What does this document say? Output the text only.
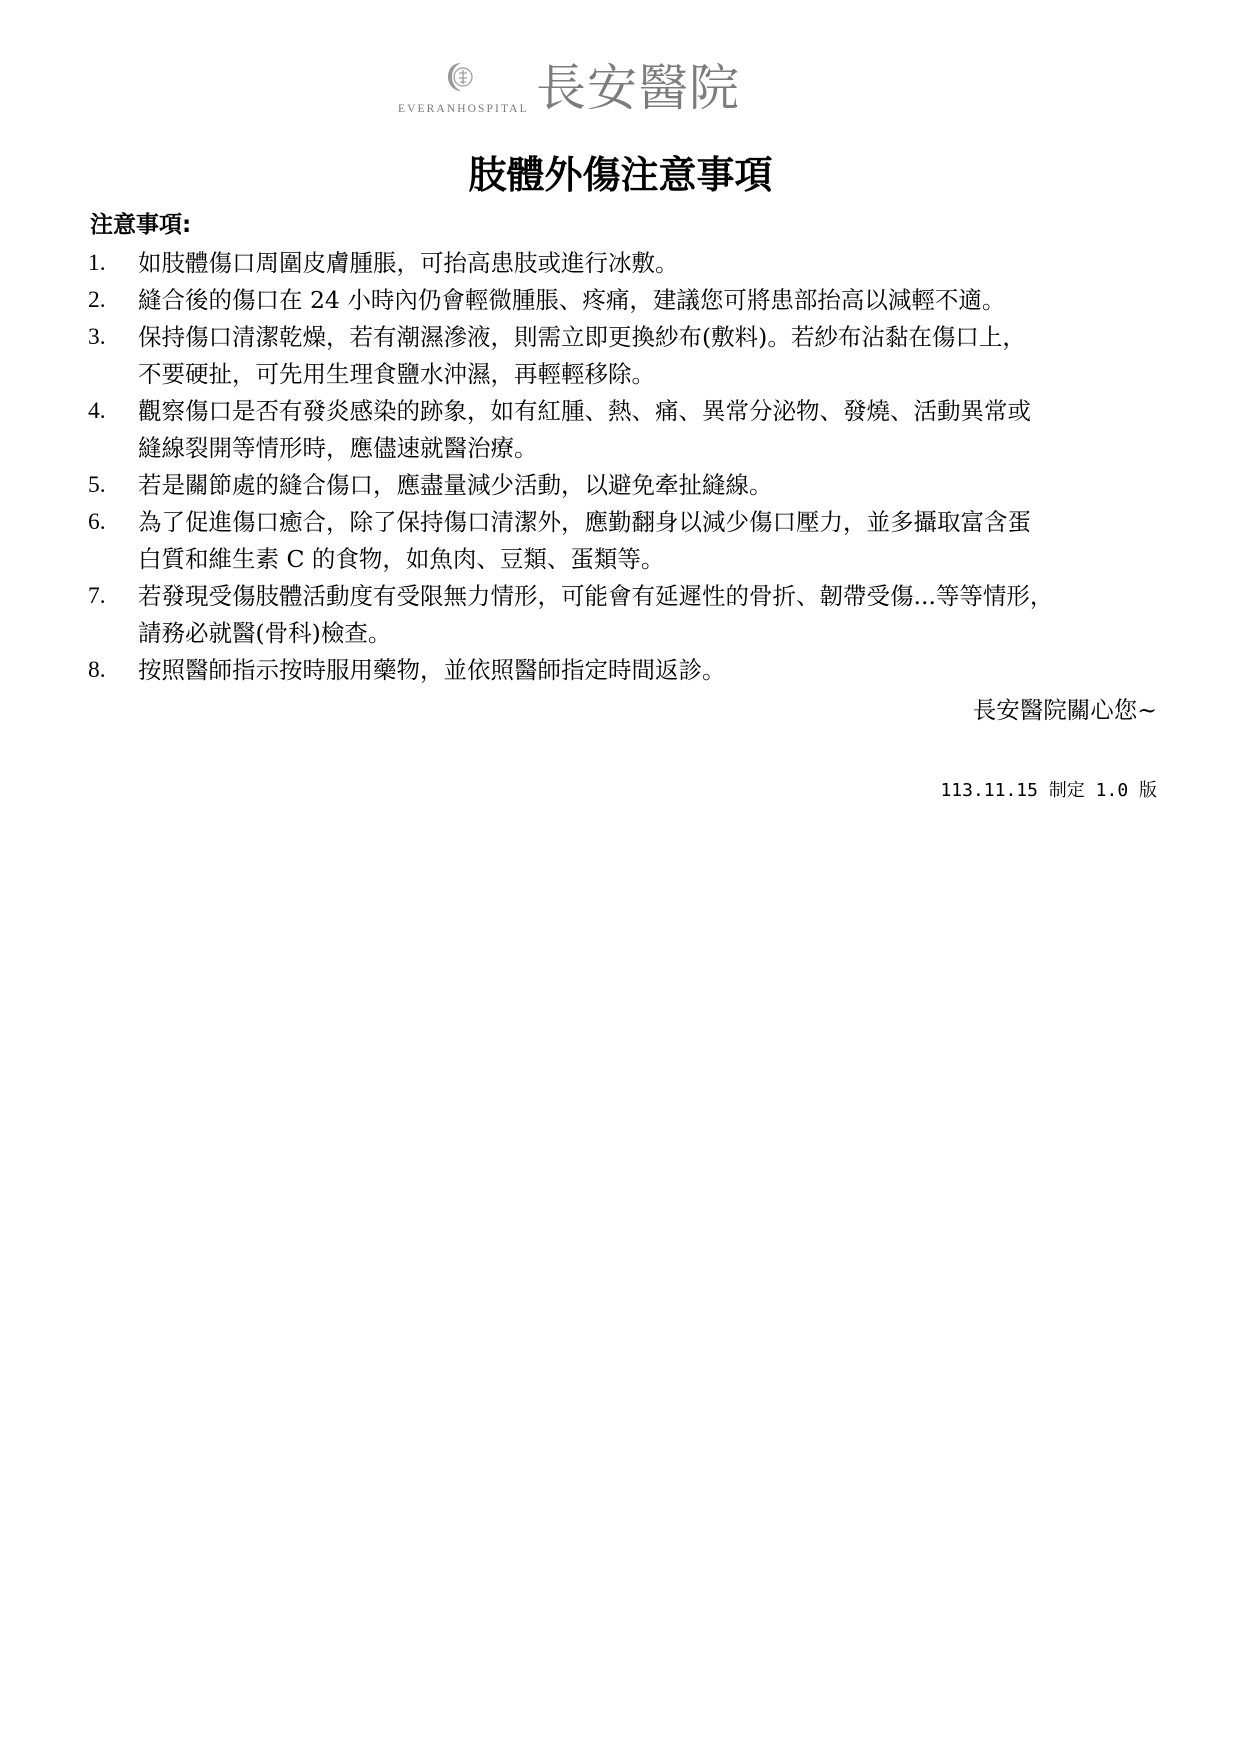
EVERANHOSPITAL 長安醫院
肢體外傷注意事項
注意事項:
1. 如肢體傷口周圍皮膚腫脹，可抬高患肢或進行冰敷。
2. 縫合後的傷口在 24 小時內仍會輕微腫脹、疼痛，建議您可將患部抬高以減輕不適。
3. 保持傷口清潔乾燥，若有潮濕滲液，則需立即更換紗布(敷料)。若紗布沾黏在傷口上，
不要硬扯，可先用生理食鹽水沖濕，再輕輕移除。
4. 觀察傷口是否有發炎感染的跡象，如有紅腫、熱、痛、異常分泌物、發燒、活動異常或
縫線裂開等情形時，應儘速就醫治療。
5. 若是關節處的縫合傷口，應盡量減少活動，以避免牽扯縫線。
6. 為了促進傷口癒合，除了保持傷口清潔外，應勤翻身以減少傷口壓力，並多攝取富含蛋
白質和維生素 C 的食物，如魚肉、豆類、蛋類等。
7. 若發現受傷肢體活動度有受限無力情形，可能會有延遲性的骨折、韌帶受傷...等等情形，
請務必就醫(骨科)檢查。
8. 按照醫師指示按時服用藥物，並依照醫師指定時間返診。
長安醫院關心您~
113.11.15 制定 1.0 版
